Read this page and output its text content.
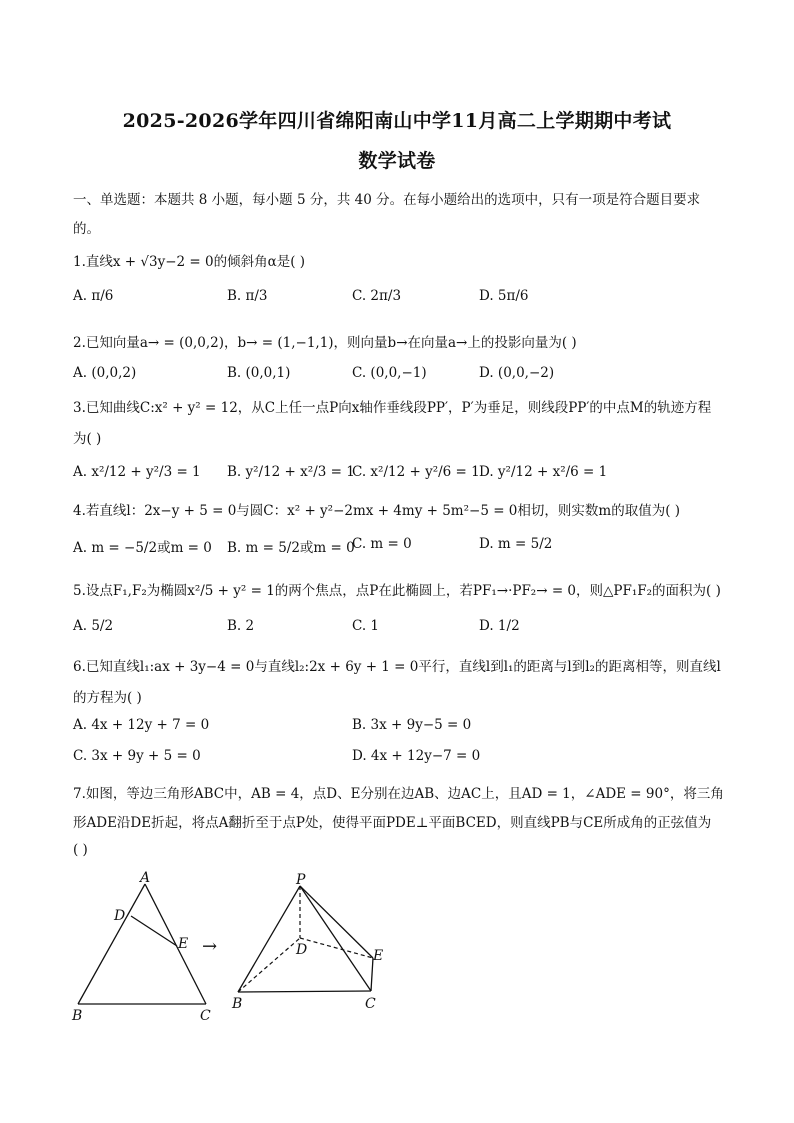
2025-2026学年四川省绵阳南山中学11月高二上学期期中考试
数学试卷
一、单选题：本题共 8 小题，每小题 5 分，共 40 分。在每小题给出的选项中，只有一项是符合题目要求
的。
1.直线x + √3y−2 = 0的倾斜角α是( )
A. π/6	B. π/3	C. 2π/3	D. 5π/6
2.已知向量a→ = (0,0,2)，b→ = (1,−1,1)，则向量b→在向量a→上的投影向量为( )
A. (0,0,2)	B. (0,0,1)	C. (0,0,−1)	D. (0,0,−2)
3.已知曲线C:x² + y² = 12，从C上任一点P向x轴作垂线段PP′，P′为垂足，则线段PP′的中点M的轨迹方程
为( )
A. x²/12 + y²/3 = 1 B. y²/12 + x²/3 = 1
C. x²/12 + y²/6 = 1 D. y²/12 + x²/6 = 1
4.若直线l：2x−y + 5 = 0与圆C：x² + y²−2mx + 4my + 5m²−5 = 0相切，则实数m的取值为( )
A. m = −5/2或m = 0 B. m = 5/2或m = 0
C. m = 0	D. m = 5/2
5.设点F₁,F₂为椭圆x²/5 + y² = 1的两个焦点，点P在此椭圆上，若PF₁→·PF₂→ = 0，则△PF₁F₂的面积为( )
A. 5/2	B. 2	C. 1	D. 1/2
6.已知直线l₁:ax + 3y−4 = 0与直线l₂:2x + 6y + 1 = 0平行，直线l到l₁的距离与l到l₂的距离相等，则直线l
的方程为( )
A. 4x + 12y + 7 = 0	B. 3x + 9y−5 = 0
C. 3x + 9y + 5 = 0	D. 4x + 12y−7 = 0
7.如图，等边三角形ABC中，AB = 4，点D、E分别在边AB、边AC上，且AD = 1，∠ADE = 90°，将三角
形ADE沿DE折起，将点A翻折至于点P处，使得平面PDE⊥平面BCED，则直线PB与CE所成角的正弦值为
( )
A
D
E
B	C
→
P
D	E
B	C
